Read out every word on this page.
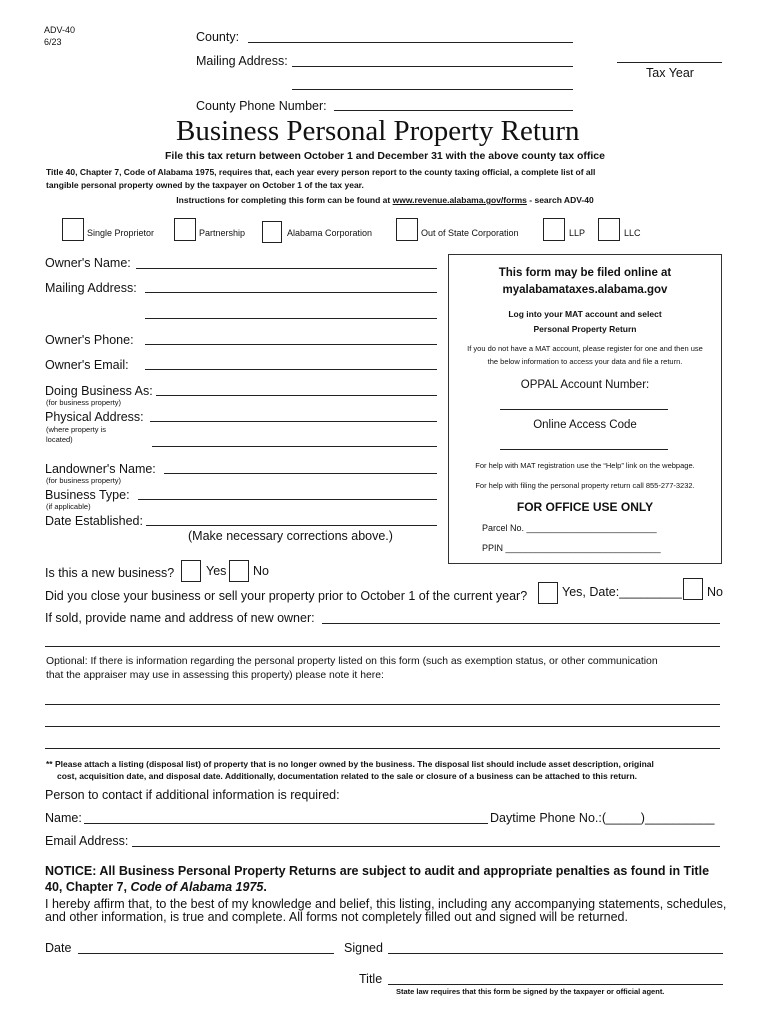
ADV-40
6/23	County:
Mailing Address:
Tax Year
County Phone Number:
Business Personal Property Return
File this tax return between October 1 and December 31 with the above county tax office
Title 40, Chapter 7, Code of Alabama 1975, requires that, each year every person report to the county taxing official, a complete list of all
tangible personal property owned by the taxpayer on October 1 of the tax year.
Instructions for completing this form can be found at www.revenue.alabama.gov/forms - search ADV-40
Single Proprietor	Partnership	Alabama Corporation	Out of State Corporation	LLP	LLC
Owner's Name:
Mailing Address:
Owner's Phone:
Owner's Email:
Doing Business As:
(for business property)
Physical Address:
(where property is
located)
Landowner's Name:
(for business property)
Business Type:
(if applicable)
Date Established:
(Make necessary corrections above.)
This form may be filed online at
myalabamataxes.alabama.gov
Log into your MAT account and select
Personal Property Return
If you do not have a MAT account, please register for one and then use
the below information to access your data and file a return.
OPPAL Account Number:
Online Access Code
For help with MAT registration use the “Help” link on the webpage.
For help with filing the personal property return call 855-277-3232.
FOR OFFICE USE ONLY
Parcel No. __________________________
PPIN _______________________________
Is this a new business?	Yes No
Did you close your business or sell your property prior to October 1 of the current year?	Yes, Date:_________ No
If sold, provide name and address of new owner:
Optional: If there is information regarding the personal property listed on this form (such as exemption status, or other communication
that the appraiser may use in assessing this property) please note it here:
** Please attach a listing (disposal list) of property that is no longer owned by the business. The disposal list should include asset description, original
cost, acquisition date, and disposal date. Additionally, documentation related to the sale or closure of a business can be attached to this return.
Person to contact if additional information is required:
Name:	Daytime Phone No.:(_____)__________
Email Address:
NOTICE: All Business Personal Property Returns are subject to audit and appropriate penalties as found in Title
40, Chapter 7, Code of Alabama 1975.
I hereby affirm that, to the best of my knowledge and belief, this listing, including any accompanying statements, schedules,
and other information, is true and complete. All forms not completely filled out and signed will be returned.
Date	Signed
Title
State law requires that this form be signed by the taxpayer or official agent.
